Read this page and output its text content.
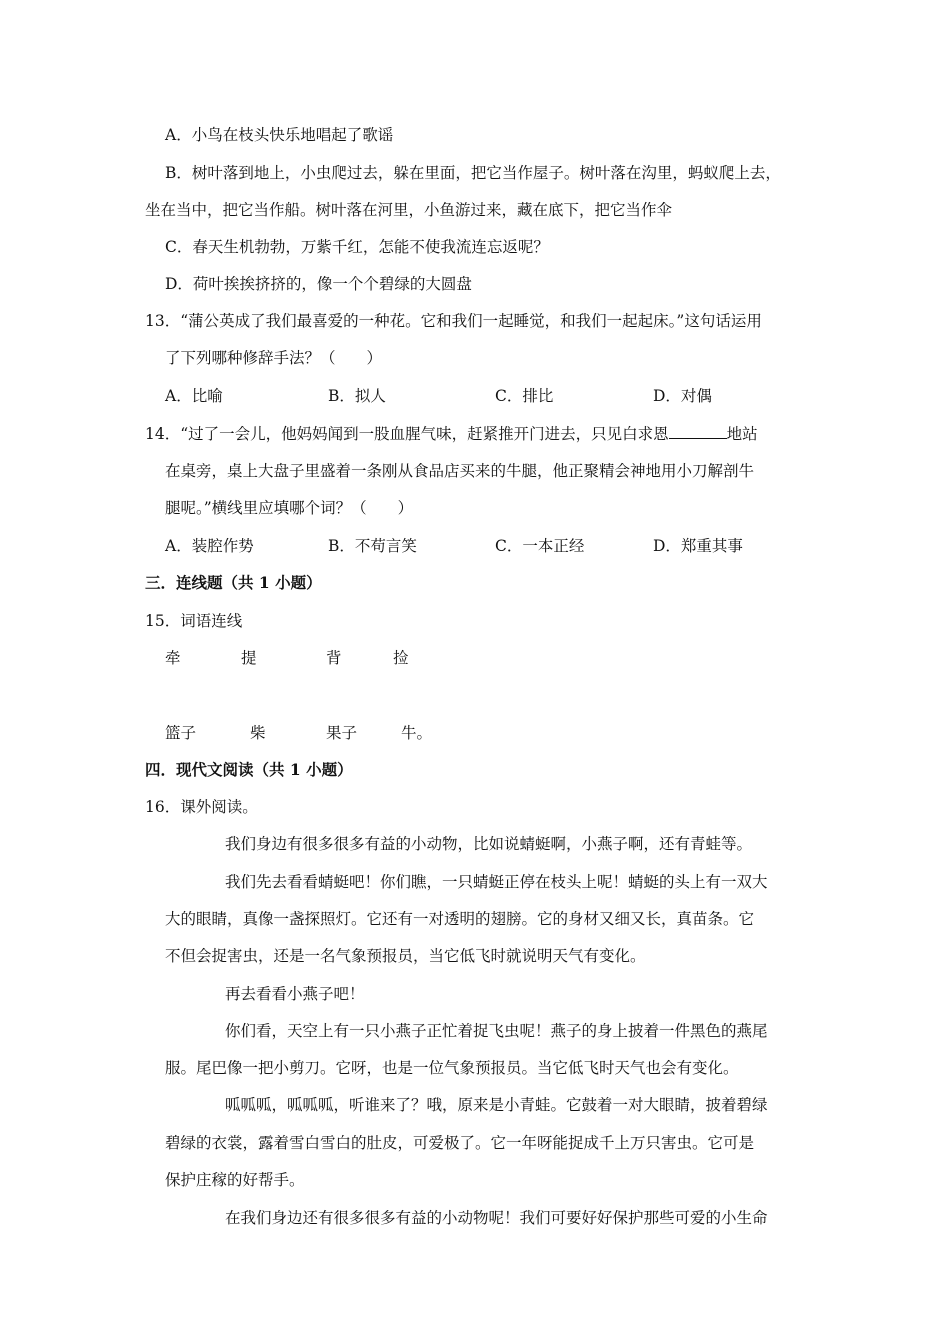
A．小鸟在枝头快乐地唱起了歌谣
B．树叶落到地上，小虫爬过去，躲在里面，把它当作屋子。树叶落在沟里，蚂蚁爬上去，
坐在当中，把它当作船。树叶落在河里，小鱼游过来，藏在底下，把它当作伞
C．春天生机勃勃，万紫千红，怎能不使我流连忘返呢？
D．荷叶挨挨挤挤的，像一个个碧绿的大圆盘
13．“蒲公英成了我们最喜爱的一种花。它和我们一起睡觉，和我们一起起床。”这句话运用
了下列哪种修辞手法？（　　）
A．比喻	B．拟人	C．排比	D．对偶
14．“过了一会儿，他妈妈闻到一股血腥气味，赶紧推开门进去，只见白求恩	地站
在桌旁，桌上大盘子里盛着一条刚从食品店买来的牛腿，他正聚精会神地用小刀解剖牛
腿呢。”横线里应填哪个词？（　　）
A．装腔作势	B．不苟言笑	C．一本正经	D．郑重其事
三．连线题（共 1 小题）
15．词语连线
牵	提	背	捡
篮子	柴	果子	牛。
四．现代文阅读（共 1 小题）
16．课外阅读。
我们身边有很多很多有益的小动物，比如说蜻蜓啊，小燕子啊，还有青蛙等。
我们先去看看蜻蜓吧！你们瞧，一只蜻蜓正停在枝头上呢！蜻蜓的头上有一双大
大的眼睛，真像一盏探照灯。它还有一对透明的翅膀。它的身材又细又长，真苗条。它
不但会捉害虫，还是一名气象预报员，当它低飞时就说明天气有变化。
再去看看小燕子吧！
你们看，天空上有一只小燕子正忙着捉飞虫呢！燕子的身上披着一件黑色的燕尾
服。尾巴像一把小剪刀。它呀，也是一位气象预报员。当它低飞时天气也会有变化。
呱呱呱，呱呱呱，听谁来了？哦，原来是小青蛙。它鼓着一对大眼睛，披着碧绿
碧绿的衣裳，露着雪白雪白的肚皮，可爱极了。它一年呀能捉成千上万只害虫。它可是
保护庄稼的好帮手。
在我们身边还有很多很多有益的小动物呢！我们可要好好保护那些可爱的小生命
